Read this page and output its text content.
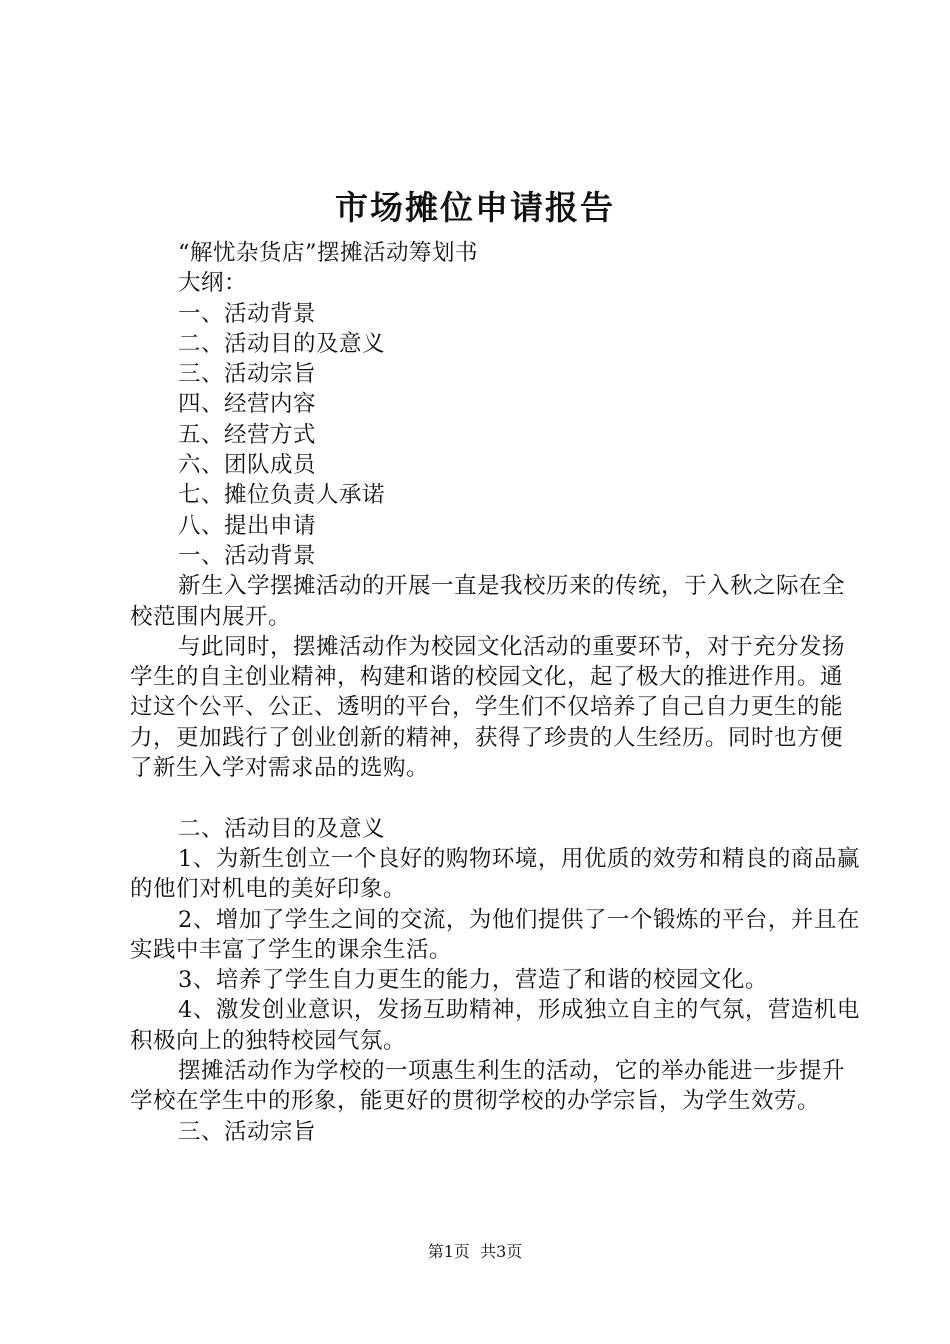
市场摊位申请报告

“解忧杂货店”摆摊活动筹划书

大纲：

一、活动背景

二、活动目的及意义

三、活动宗旨

四、经营内容

五、经营方式

六、团队成员

七、摊位负责人承诺

八、提出申请

一、活动背景

新生入学摆摊活动的开展一直是我校历来的传统，于入秋之际在全校范围内展开。

与此同时，摆摊活动作为校园文化活动的重要环节，对于充分发扬学生的自主创业精神，构建和谐的校园文化，起了极大的推进作用。通过这个公平、公正、透明的平台，学生们不仅培养了自己自力更生的能力，更加践行了创业创新的精神，获得了珍贵的人生经历。同时也方便了新生入学对需求品的选购。

二、活动目的及意义

1、为新生创立一个良好的购物环境，用优质的效劳和精良的商品赢的他们对机电的美好印象。

2、增加了学生之间的交流，为他们提供了一个锻炼的平台，并且在实践中丰富了学生的课余生活。

3、培养了学生自力更生的能力，营造了和谐的校园文化。

4、激发创业意识，发扬互助精神，形成独立自主的气氛，营造机电积极向上的独特校园气氛。

摆摊活动作为学校的一项惠生利生的活动，它的举办能进一步提升学校在学生中的形象，能更好的贯彻学校的办学宗旨，为学生效劳。

三、活动宗旨

第1页  共3页
